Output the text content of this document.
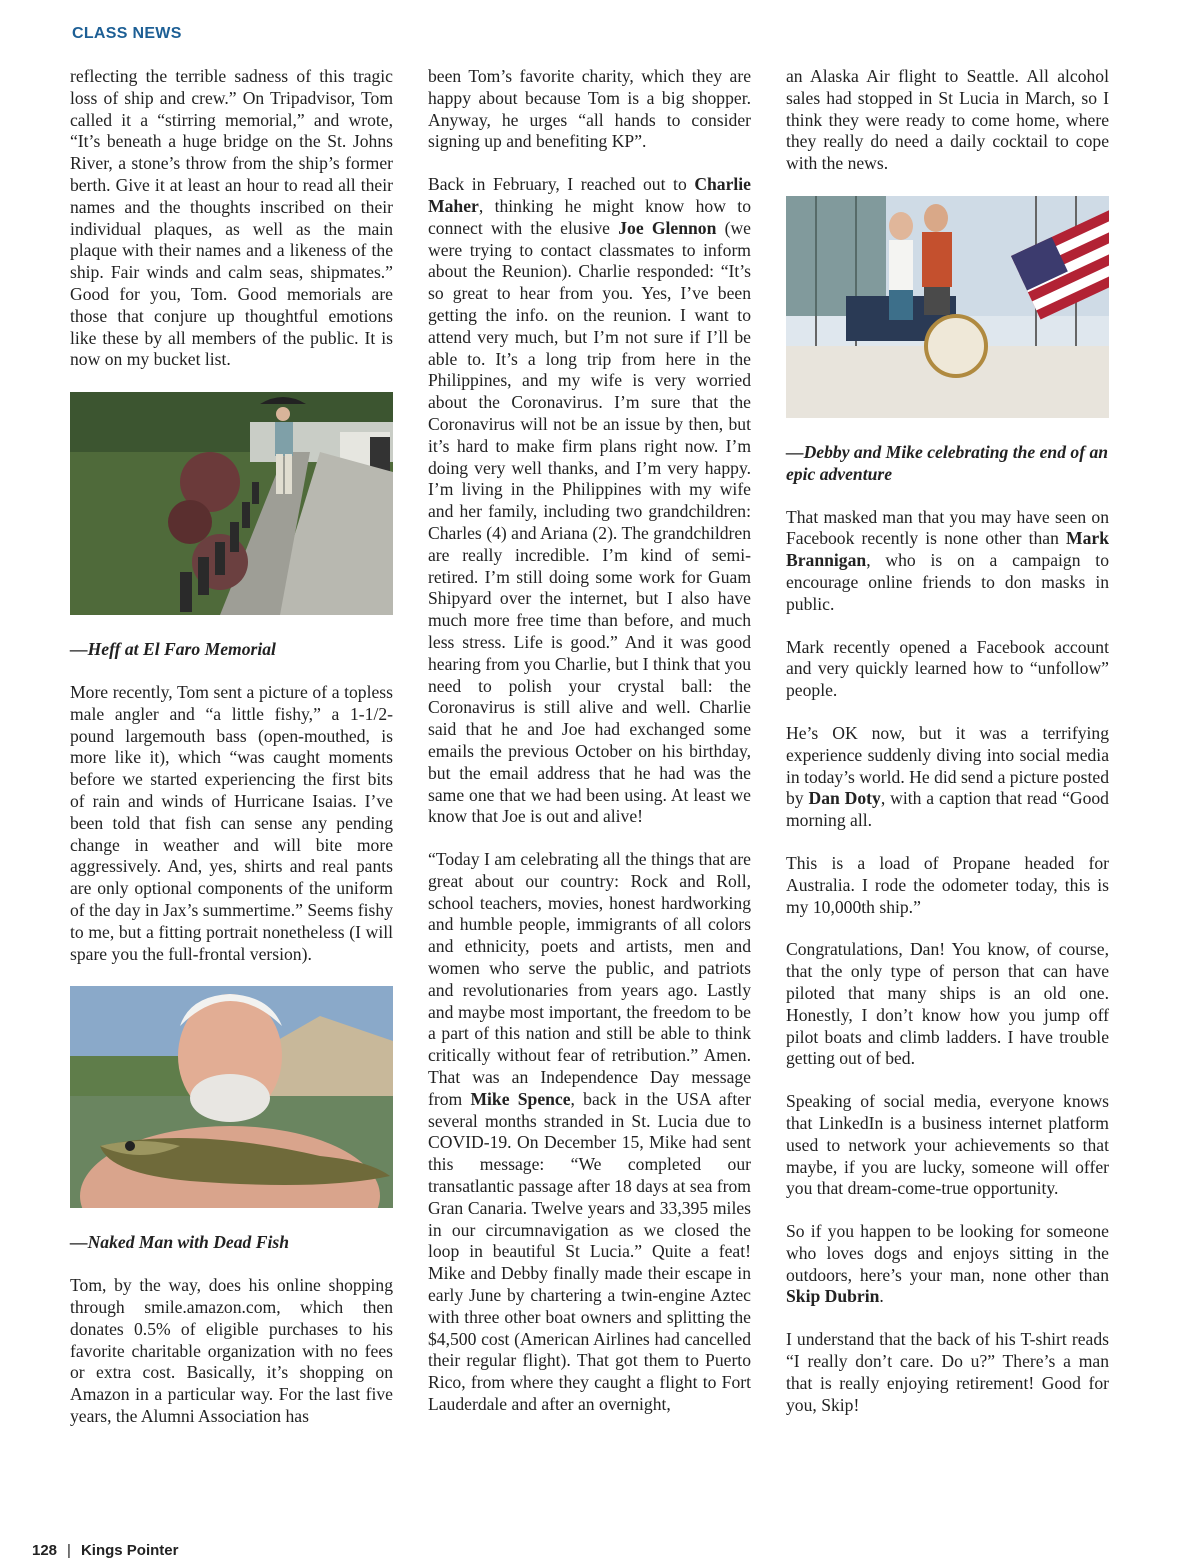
CLASS NEWS

reflecting the terrible sadness of this tragic loss of ship and crew.” On Tripadvisor, Tom called it a “stirring memorial,” and wrote, “It’s beneath a huge bridge on the St. Johns River, a stone’s throw from the ship’s former berth. Give it at least an hour to read all their names and the thoughts inscribed on their individual plaques, as well as the main plaque with their names and a likeness of the ship. Fair winds and calm seas, shipmates.” Good for you, Tom. Good memorials are those that conjure up thoughtful emotions like these by all members of the public. It is now on my bucket list.

—Heff at El Faro Memorial

More recently, Tom sent a picture of a topless male angler and “a little fishy,” a 1-1/2-pound largemouth bass (open-mouthed, is more like it), which “was caught moments before we started experiencing the first bits of rain and winds of Hurricane Isaias. I’ve been told that fish can sense any pending change in weather and will bite more aggressively. And, yes, shirts and real pants are only optional components of the uniform of the day in Jax’s summertime.” Seems fishy to me, but a fitting portrait nonetheless (I will spare you the full-frontal version).

—Naked Man with Dead Fish

Tom, by the way, does his online shopping through smile.amazon.com, which then donates 0.5% of eligible purchases to his favorite charitable organization with no fees or extra cost. Basically, it’s shopping on Amazon in a particular way. For the last five years, the Alumni Association has

been Tom’s favorite charity, which they are happy about because Tom is a big shopper. Anyway, he urges “all hands to consider signing up and benefiting KP”.

Back in February, I reached out to Charlie Maher, thinking he might know how to connect with the elusive Joe Glennon (we were trying to contact classmates to inform about the Reunion). Charlie responded: “It’s so great to hear from you. Yes, I’ve been getting the info. on the reunion. I want to attend very much, but I’m not sure if I’ll be able to. It’s a long trip from here in the Philippines, and my wife is very worried about the Coronavirus. I’m sure that the Coronavirus will not be an issue by then, but it’s hard to make firm plans right now. I’m doing very well thanks, and I’m very happy. I’m living in the Philippines with my wife and her family, including two grandchildren: Charles (4) and Ariana (2). The grandchildren are really incredible. I’m kind of semi-retired. I’m still doing some work for Guam Shipyard over the internet, but I also have much more free time than before, and much less stress. Life is good.” And it was good hearing from you Charlie, but I think that you need to polish your crystal ball: the Coronavirus is still alive and well. Charlie said that he and Joe had exchanged some emails the previous October on his birthday, but the email address that he had was the same one that we had been using. At least we know that Joe is out and alive!

“Today I am celebrating all the things that are great about our country: Rock and Roll, school teachers, movies, honest hardworking and humble people, immigrants of all colors and ethnicity, poets and artists, men and women who serve the public, and patriots and revolutionaries from years ago. Lastly and maybe most important, the freedom to be a part of this nation and still be able to think critically without fear of retribution.” Amen. That was an Independence Day message from Mike Spence, back in the USA after several months stranded in St. Lucia due to COVID-19. On December 15, Mike had sent this message: “We completed our transatlantic passage after 18 days at sea from Gran Canaria. Twelve years and 33,395 miles in our circumnavigation as we closed the loop in beautiful St Lucia.” Quite a feat! Mike and Debby finally made their escape in early June by chartering a twin-engine Aztec with three other boat owners and splitting the $4,500 cost (American Airlines had cancelled their regular flight). That got them to Puerto Rico, from where they caught a flight to Fort Lauderdale and after an overnight,

an Alaska Air flight to Seattle. All alcohol sales had stopped in St Lucia in March, so I think they were ready to come home, where they really do need a daily cocktail to cope with the news.

—Debby and Mike celebrating the end of an epic adventure

That masked man that you may have seen on Facebook recently is none other than Mark Brannigan, who is on a campaign to encourage online friends to don masks in public.

Mark recently opened a Facebook account and very quickly learned how to “unfollow” people.

He’s OK now, but it was a terrifying experience suddenly diving into social media in today’s world. He did send a picture posted by Dan Doty, with a caption that read “Good morning all.

This is a load of Propane headed for Australia. I rode the odometer today, this is my 10,000th ship.”

Congratulations, Dan! You know, of course, that the only type of person that can have piloted that many ships is an old one. Honestly, I don’t know how you jump off pilot boats and climb ladders. I have trouble getting out of bed.

Speaking of social media, everyone knows that LinkedIn is a business internet platform used to network your achievements so that maybe, if you are lucky, someone will offer you that dream-come-true opportunity.

So if you happen to be looking for someone who loves dogs and enjoys sitting in the outdoors, here’s your man, none other than Skip Dubrin.

I understand that the back of his T-shirt reads “I really don’t care. Do u?” There’s a man that is really enjoying retirement! Good for you, Skip!

128 | Kings Pointer
